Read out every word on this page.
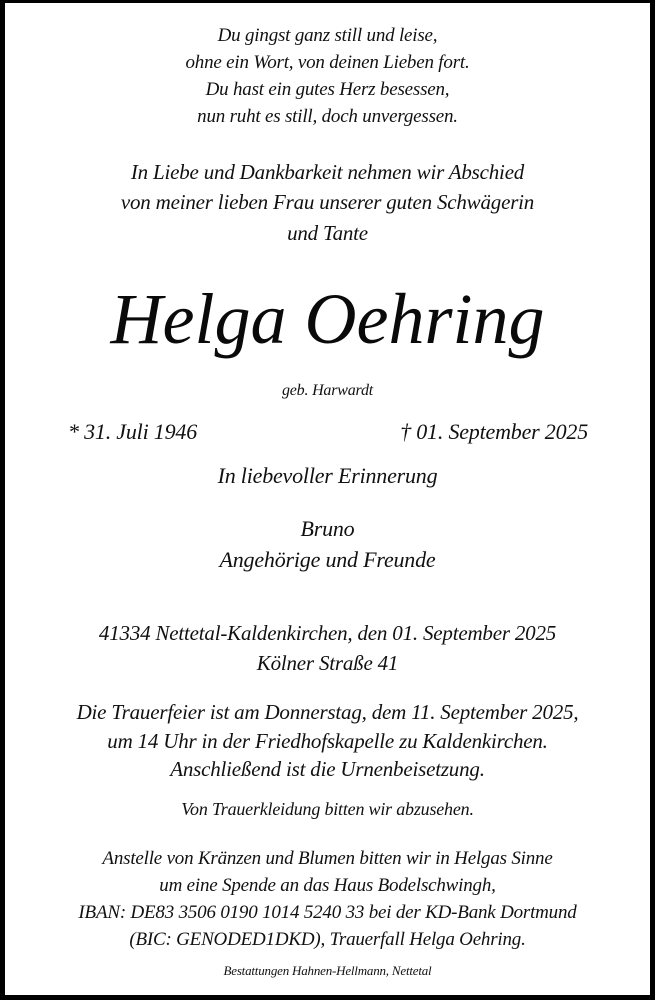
Du gingst ganz still und leise,
ohne ein Wort, von deinen Lieben fort.
Du hast ein gutes Herz besessen,
nun ruht es still, doch unvergessen.
In Liebe und Dankbarkeit nehmen wir Abschied
von meiner lieben Frau unserer guten Schwägerin
und Tante
Helga Oehring
geb. Harwardt
* 31. Juli 1946	† 01. September 2025
In liebevoller Erinnerung
Bruno
Angehörige und Freunde
41334 Nettetal-Kaldenkirchen, den 01. September 2025
Kölner Straße 41
Die Trauerfeier ist am Donnerstag, dem 11. September 2025,
um 14 Uhr in der Friedhofskapelle zu Kaldenkirchen.
Anschließend ist die Urnenbeisetzung.
Von Trauerkleidung bitten wir abzusehen.
Anstelle von Kränzen und Blumen bitten wir in Helgas Sinne
um eine Spende an das Haus Bodelschwingh,
IBAN: DE83 3506 0190 1014 5240 33 bei der KD-Bank Dortmund
(BIC: GENODED1DKD), Trauerfall Helga Oehring.
Bestattungen Hahnen-Hellmann, Nettetal
